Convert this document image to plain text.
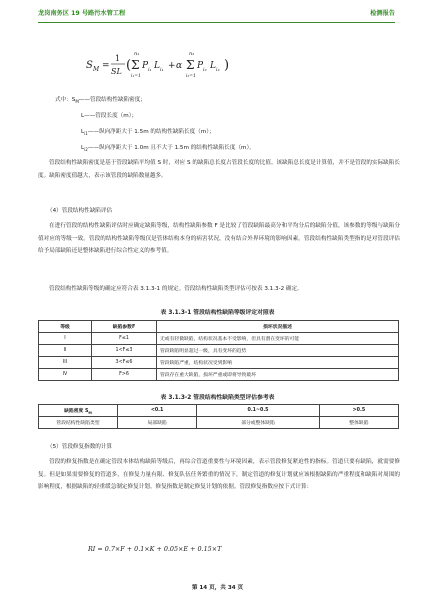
龙岗南务区 19 号路污水管工程	检测报告
S M =
1
SL (
n₁
Σ
i₁=1
P i₁ L i₁ + α
n₂
Σ
i₂=1
P i₂ L i₂ )
式中：$S_M——$管段结构性缺陷密度；
L——管段长度（m）；
$L_{i1}——$纵向净距大于 1.5m 的结构性缺陷长度（m）；
$L_{i2}——$纵向净距大于 1.0m 且不大于 1.5m 的结构性缺陷长度（m）。
管段结构性缺陷密度是基于管段缺陷平均值 S 时，对应 S 的缺陷总长度占管段长度的比值。该缺陷总长度是计算值，并不是管段的实际缺陷长度。缺陷密度值越大，表示该管段的缺陷数量越多。
（4）管段结构性缺陷评估
在进行管段的结构性缺陷评估时应确定缺陷等级，结构性缺陷参数 F 是比较了管段缺陷最高分和平均分后的缺陷分值，该参数的等级与缺陷分值对应的等级一致。管段的结构性缺陷等级仅是管体结构本身的病害状况，没有结合外界环境的影响因素。管段结构性缺陷类型指的是对管段评估给予局部缺陷还是整体缺陷进行综合性定义的参考值。
管段结构性缺陷等级的确定应符合表 3.1.3-1 的规定。管段结构性缺陷类型评估可按表 3.1.3-2 确定。
表 3.1.3-1 管段结构性缺陷等级评定对照表
等级	缺陷参数F	损坏状况描述
I	F≤1	无或有轻微缺陷，结构状况基本不受影响，但具有潜在变坏的可能
II	1<F≤3	管段缺陷明显超过一级，具有变坏的趋势
III	3<F≤6	管段缺陷严重，结构状况受到影响
IV	F>6	管段存在重大缺陷，损坏严重或即将导致破坏
表 3.1.3-2 管段结构性缺陷类型评估参考表
缺陷密度 $S_M$	<0.1	0.1~0.5	>0.5
管段结构性缺陷类型	局部缺陷	部分或整体缺陷	整体缺陷
（5）管段修复指数的计算
管段的修复指数是在确定管段本体结构缺陷等级后，再综合管道重要性与环境因素，表示管段修复紧迫性的指标。管道只要有缺陷，就需要修复。但是如果需要修复的管道多，在修复力量有限、修复队伍任务繁重的情况下，制定管道的修复计划就应该根据缺陷的严重程度和缺陷对周围的影响程度，根据缺陷的轻重缓急制定修复计划。修复指数是制定修复计划的依据。管段修复指数应按下式计算：
RI = 0.7×F + 0.1×K + 0.05×E + 0.15×T
第 14 页，共 34 页
